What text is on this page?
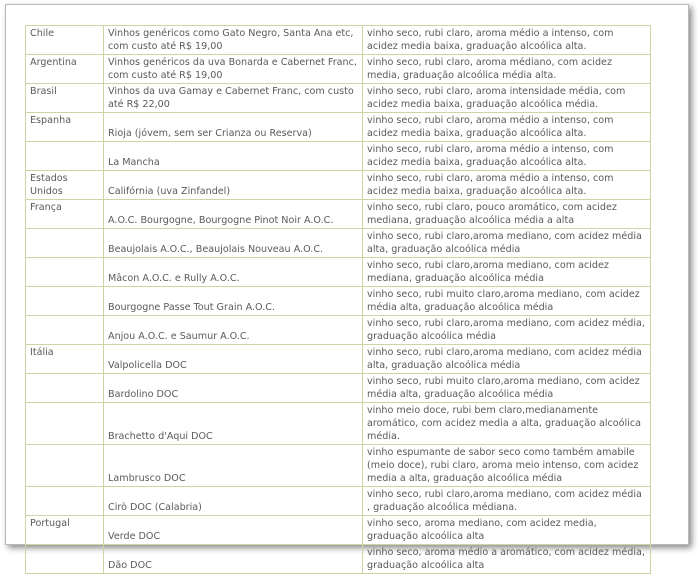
Chile	Vinhos genéricos como Gato Negro, Santa Ana etc, com custo até R$ 19,00	vinho seco, rubi claro, aroma médio a intenso, com acidez media baixa, graduação alcoólica alta.
Argentina	Vinhos genéricos da uva Bonarda e Cabernet Franc, com custo até R$ 19,00	vinho seco, rubi claro, aroma médiano, com acidez media, graduação alcoólica média alta.
Brasil	Vinhos da uva Gamay e Cabernet Franc, com custo até R$ 22,00	vinho seco, rubi claro, aroma intensidade média, com acidez media baixa, graduação alcoólica média.
Espanha	Rioja (jóvem, sem ser Crianza ou Reserva)	vinho seco, rubi claro, aroma médio a intenso, com acidez media baixa, graduação alcoólica alta.
	La Mancha	vinho seco, rubi claro, aroma médio a intenso, com acidez media baixa, graduação alcoólica alta.
Estados Unidos	Califórnia (uva Zinfandel)	vinho seco, rubi claro, aroma médio a intenso, com acidez media baixa, graduação alcoólica alta.
França	A.O.C. Bourgogne, Bourgogne Pinot Noir A.O.C.	vinho seco, rubi claro, pouco aromático, com acidez mediana, graduação alcoólica média a alta
	Beaujolais A.O.C., Beaujolais Nouveau A.O.C.	vinho seco, rubi claro,aroma mediano, com acidez média alta, graduação alcoólica média
	Mâcon A.O.C. e Rully A.O.C.	vinho seco, rubi claro,aroma mediano, com acidez mediana, graduação alcoólica média
	Bourgogne Passe Tout Grain A.O.C.	vinho seco, rubi muito claro,aroma mediano, com acidez média alta, graduação alcoólica média
	Anjou A.O.C. e Saumur A.O.C.	vinho seco, rubi claro,aroma mediano, com acidez média, graduação alcoólica média
Itália	Valpolicella DOC	vinho seco, rubi claro,aroma mediano, com acidez média alta, graduação alcoólica média
	Bardolino DOC	vinho seco, rubi muito claro,aroma mediano, com acidez média alta, graduação alcoólica média
	Brachetto d'Aqui DOC	vinho meio doce, rubi bem claro,medianamente aromático, com acidez media a alta, graduação alcoólica média.
	Lambrusco DOC	vinho espumante de sabor seco como também amabile (meio doce), rubi claro, aroma meio intenso, com acidez media a alta, graduação alcoólica média
	Cirò DOC (Calabria)	vinho seco, rubi claro,aroma mediano, com acidez média , graduação alcoólica médiana.
Portugal	Verde DOC	vinho seco, aroma mediano, com acidez media, graduação alcoólica alta
	Dão DOC	vinho seco, aroma médio a aromático, com acidez média, graduação alcoólica alta
